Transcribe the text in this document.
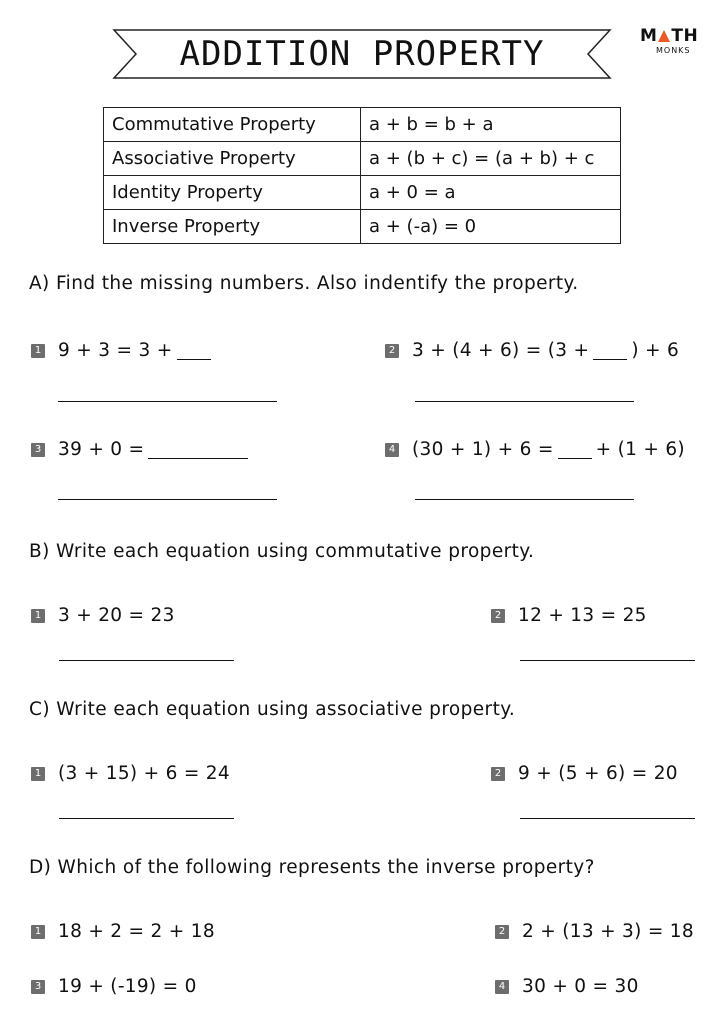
ADDITION PROPERTY	M TH
MONKS
Commutative Property	a + b = b + a
Associative Property	a + (b + c) = (a + b) + c
Identity Property	a + 0 = a
Inverse Property	a + (-a) = 0
A) Find the missing numbers. Also indentify the property.
1 9 + 3 = 3 +	2 3 + (4 + 6) = (3 + ) + 6
3 39 + 0 =	4 (30 + 1) + 6 = + (1 + 6)
B) Write each equation using commutative property.
1 3 + 20 = 23	2 12 + 13 = 25
C) Write each equation using associative property.
1 (3 + 15) + 6 = 24	2 9 + (5 + 6) = 20
D) Which of the following represents the inverse property?
1 18 + 2 = 2 + 18	2 2 + (13 + 3) = 18
3 19 + (-19) = 0	4 30 + 0 = 30
